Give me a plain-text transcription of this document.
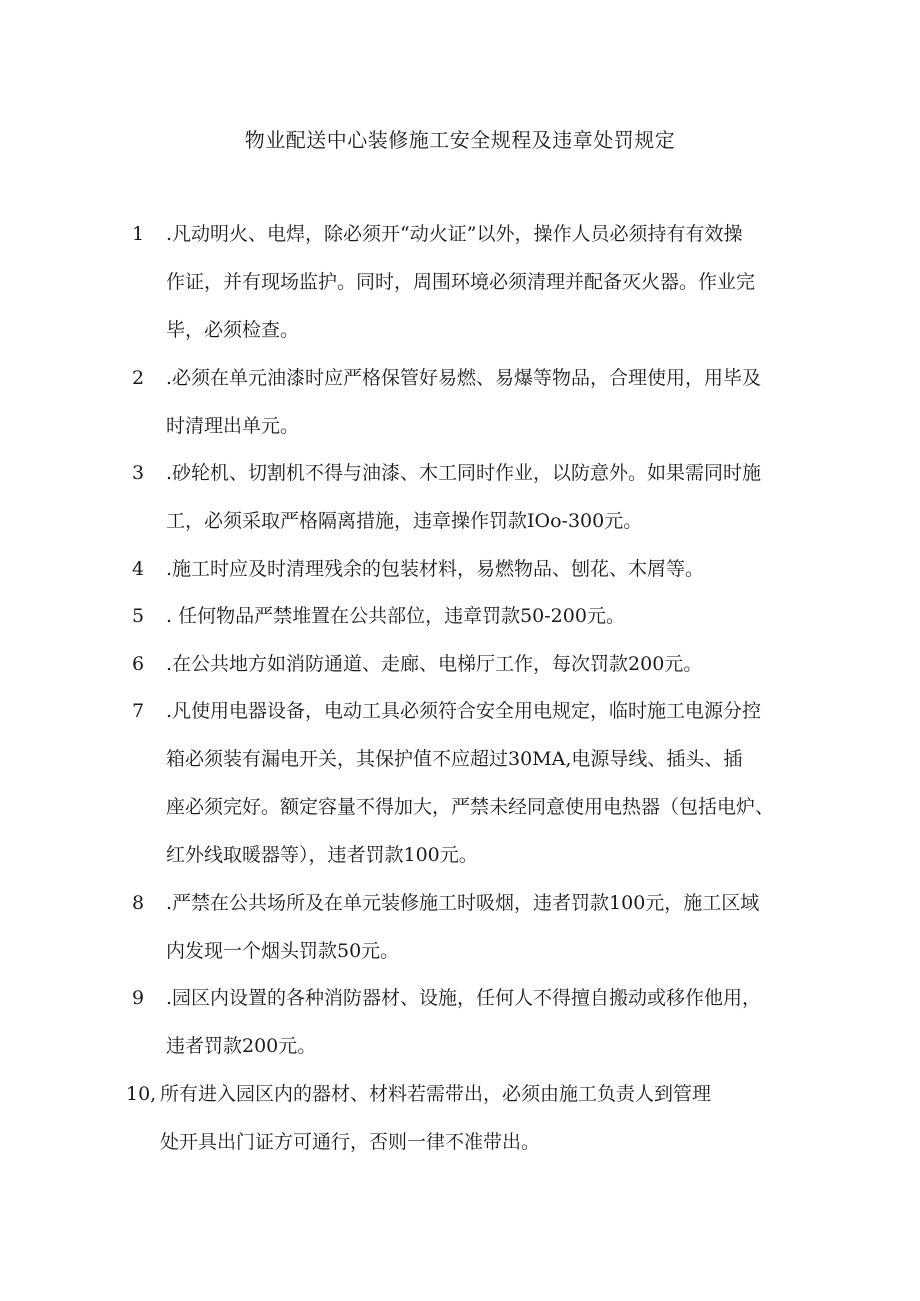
物业配送中心装修施工安全规程及违章处罚规定
1	.凡动明火、电焊，除必须开“动火证”以外，操作人员必须持有有效操
作证，并有现场监护。同时，周围环境必须清理并配备灭火器。作业完
毕，必须检查。
2	.必须在单元油漆时应严格保管好易燃、易爆等物品，合理使用，用毕及
时清理出单元。
3	.砂轮机、切割机不得与油漆、木工同时作业，以防意外。如果需同时施
工，必须采取严格隔离措施，违章操作罚款IOo-300元。
4	.施工时应及时清理残余的包装材料，易燃物品、刨花、木屑等。
5	. 任何物品严禁堆置在公共部位，违章罚款50-200元。
6	.在公共地方如消防通道、走廊、电梯厅工作，每次罚款200元。
7	.凡使用电器设备，电动工具必须符合安全用电规定，临时施工电源分控
箱必须装有漏电开关，其保护值不应超过30MA,电源导线、插头、插
座必须完好。额定容量不得加大，严禁未经同意使用电热器（包括电炉、
红外线取暖器等），违者罚款100元。
8	.严禁在公共场所及在单元装修施工时吸烟，违者罚款100元，施工区域
内发现一个烟头罚款50元。
9	.园区内设置的各种消防器材、设施，任何人不得擅自搬动或移作他用，
违者罚款200元。
10, 所有进入园区内的器材、材料若需带出，必须由施工负责人到管理
处开具出门证方可通行，否则一律不准带出。
